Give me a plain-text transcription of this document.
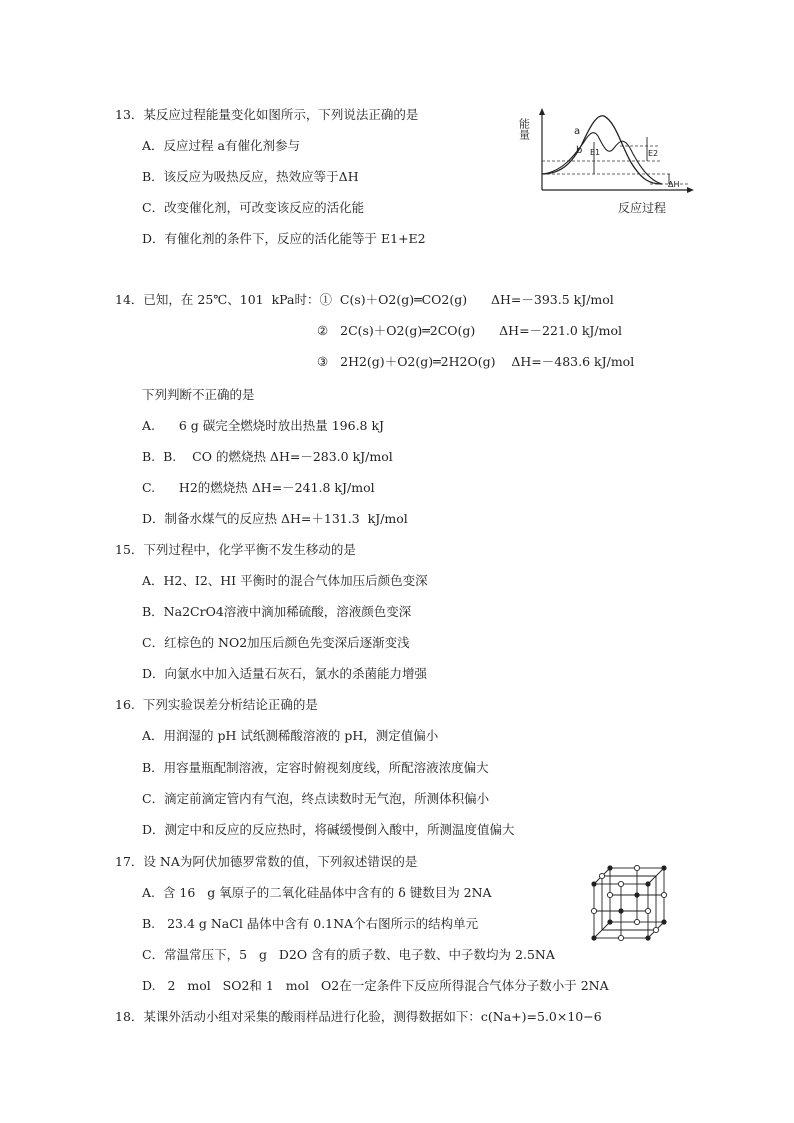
13．某反应过程能量变化如图所示，下列说法正确的是
A．反应过程 a有催化剂参与
B．该反应为吸热反应，热效应等于ΔH
C．改变催化剂，可改变该反应的活化能
D．有催化剂的条件下，反应的活化能等于 E1+E2
能量
反应过程
a
b E1	E2
ΔH
14．已知，在 25℃、101  kPa时：①  C(s)＋O2(g)═CO2(g)      ΔH=－393.5 kJ/mol
②   2C(s)＋O2(g)═2CO(g)      ΔH=－221.0 kJ/mol
③   2H2(g)＋O2(g)═2H2O(g)    ΔH=－483.6 kJ/mol
下列判断不正确的是
A.      6 g 碳完全燃烧时放出热量 196.8 kJ
B.  B.    CO 的燃烧热 ΔH=－283.0 kJ/mol
C.      H2的燃烧热 ΔH=－241.8 kJ/mol
D．制备水煤气的反应热 ΔH=＋131.3  kJ/mol
15．下列过程中，化学平衡不发生移动的是
A．H2、I2、HI 平衡时的混合气体加压后颜色变深
B．Na2CrO4溶液中滴加稀硫酸，溶液颜色变深
C．红棕色的 NO2加压后颜色先变深后逐渐变浅
D．向氯水中加入适量石灰石，氯水的杀菌能力增强
16.  下列实验误差分析结论正确的是
A．用润湿的 pH 试纸测稀酸溶液的 pH，测定值偏小
B．用容量瓶配制溶液，定容时俯视刻度线，所配溶液浓度偏大
C．滴定前滴定管内有气泡，终点读数时无气泡，所测体积偏小
D．测定中和反应的反应热时，将碱缓慢倒入酸中，所测温度值偏大
17．设 NA为阿伏加德罗常数的值，下列叙述错误的是
A.  含 16   g 氧原子的二氧化硅晶体中含有的 δ 键数目为 2NA
B.   23.4 g NaCl 晶体中含有 0.1NA个右图所示的结构单元
C．常温常压下，5   g   D2O 含有的质子数、电子数、中子数均为 2.5NA
D.   2   mol   SO2和 1   mol   O2在一定条件下反应所得混合气体分子数小于 2NA
18．某课外活动小组对采集的酸雨样品进行化验，测得数据如下：c(Na+)=5.0×10−6
